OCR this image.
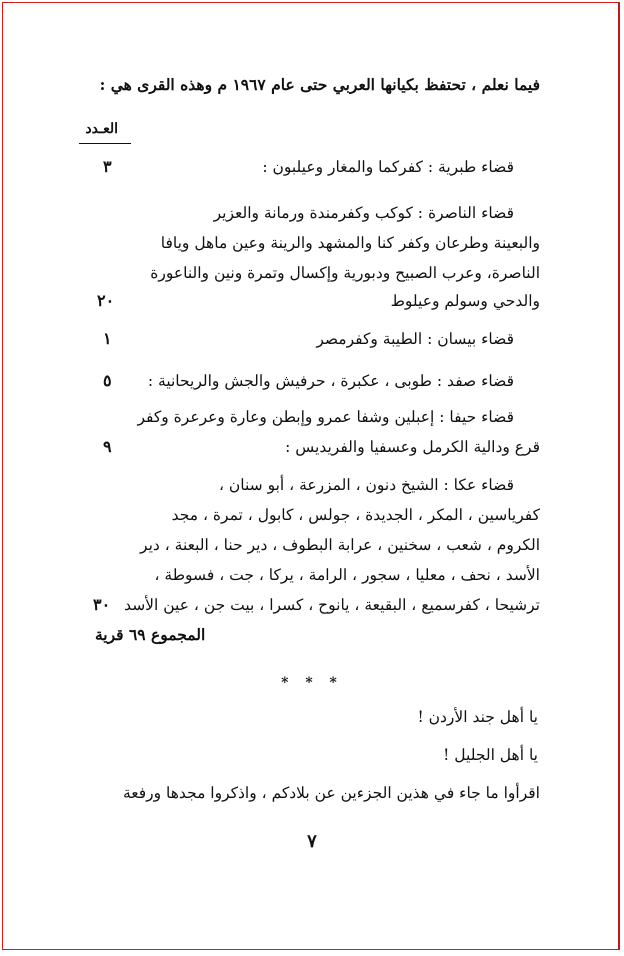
فيما نعلم ، تحتفظ بكيانها العربي حتى عام ١٩٦٧ م وهذه القرى هي :
العـدد
قضاء طبرية : كفركما والمغار وعيلبون :
٣
قضاء الناصرة : كوكب وكفرمندة ورمانة والعزير
والبعينة وطرعان وكفر كنا والمشهد والرينة وعين ماهل ويافا
الناصرة، وعرب الصبيح ودبورية وإكسال وتمرة ونين والناعورة
والدحي وسولم وعيلوط
٢٠
قضاء بيسان : الطيبة وكفرمصر
١
قضاء صفد : طوبى ، عكبرة ، حرفيش والجش والريحانية :
٥
قضاء حيفا : إعبلين وشفا عمرو وإبطن وعارة وعرعرة وكفر
قرع ودالية الكرمل وعسفيا والفريديس :
٩
قضاء عكا : الشيخ دنون ، المزرعة ، أبو سنان ،
كفرياسين ، المكر ، الجديدة ، جولس ، كابول ، تمرة ، مجد
الكروم ، شعب ، سخنين ، عرابة البطوف ، دير حنا ، البعنة ، دير
الأسد ، نحف ، معليا ، سجور ، الرامة ، يركا ، جت ، فسوطة ،
ترشيحا ، كفرسميع ، البقيعة ، يانوح ، كسرا ، بيت جن ، عين الأسد
٣٠
المجموع ٦٩ قرية
* * *
يا أهل جند الأردن !
يا أهل الجليل !
اقرأوا ما جاء في هذين الجزءين عن بلادكم ، واذكروا مجدها ورفعة
٧
